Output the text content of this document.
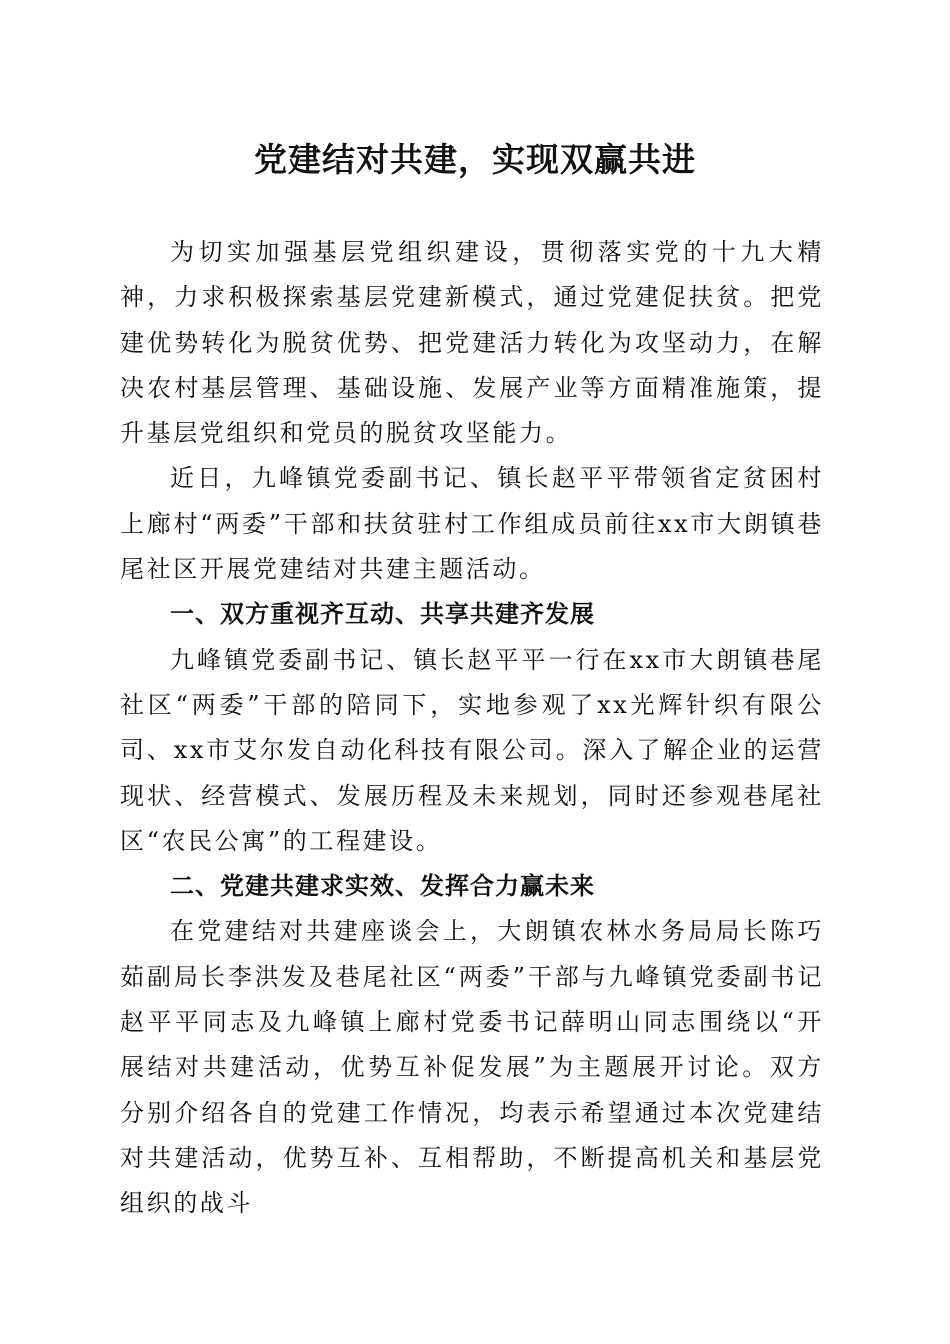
党建结对共建，实现双赢共进

为切实加强基层党组织建设，贯彻落实党的十九大精神，力求积极探索基层党建新模式，通过党建促扶贫。把党建优势转化为脱贫优势、把党建活力转化为攻坚动力，在解决农村基层管理、基础设施、发展产业等方面精准施策，提升基层党组织和党员的脱贫攻坚能力。

近日，九峰镇党委副书记、镇长赵平平带领省定贫困村上廊村“两委”干部和扶贫驻村工作组成员前往xx市大朗镇巷尾社区开展党建结对共建主题活动。

一、双方重视齐互动、共享共建齐发展

九峰镇党委副书记、镇长赵平平一行在xx市大朗镇巷尾社区“两委”干部的陪同下，实地参观了xx光辉针织有限公司、xx市艾尔发自动化科技有限公司。深入了解企业的运营现状、经营模式、发展历程及未来规划，同时还参观巷尾社区“农民公寓”的工程建设。

二、党建共建求实效、发挥合力赢未来

在党建结对共建座谈会上，大朗镇农林水务局局长陈巧茹副局长李洪发及巷尾社区“两委”干部与九峰镇党委副书记赵平平同志及九峰镇上廊村党委书记薛明山同志围绕以“开展结对共建活动，优势互补促发展”为主题展开讨论。双方分别介绍各自的党建工作情况，均表示希望通过本次党建结对共建活动，优势互补、互相帮助，不断提高机关和基层党组织的战斗
